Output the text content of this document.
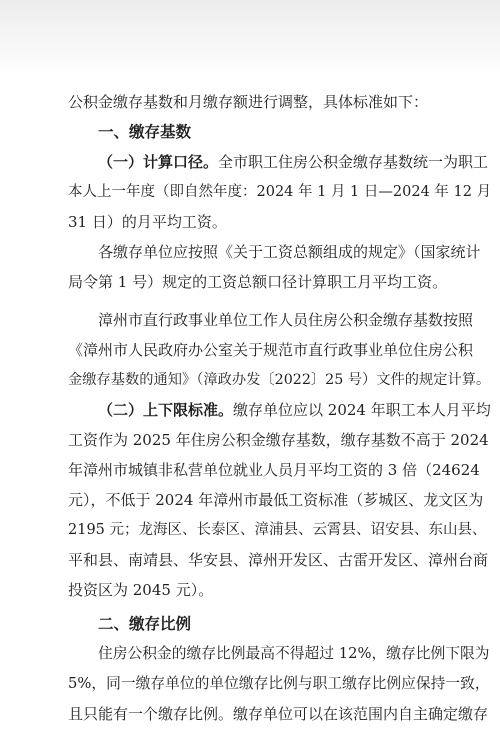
公积金缴存基数和月缴存额进行调整，具体标准如下：
一、缴存基数
（一）计算口径。全市职工住房公积金缴存基数统一为职工
本人上一年度（即自然年度：2024 年 1 月 1 日—2024 年 12 月
31 日）的月平均工资。
各缴存单位应按照《关于工资总额组成的规定》（国家统计
局令第 1 号）规定的工资总额口径计算职工月平均工资。
漳州市直行政事业单位工作人员住房公积金缴存基数按照
《漳州市人民政府办公室关于规范市直行政事业单位住房公积
金缴存基数的通知》（漳政办发〔2022〕25 号）文件的规定计算。
（二）上下限标准。缴存单位应以 2024 年职工本人月平均
工资作为 2025 年住房公积金缴存基数，缴存基数不高于 2024
年漳州市城镇非私营单位就业人员月平均工资的 3 倍（24624
元），不低于 2024 年漳州市最低工资标准（芗城区、龙文区为
2195 元；龙海区、长泰区、漳浦县、云霄县、诏安县、东山县、
平和县、南靖县、华安县、漳州开发区、古雷开发区、漳州台商
投资区为 2045 元）。
二、缴存比例
住房公积金的缴存比例最高不得超过 12%，缴存比例下限为
5%，同一缴存单位的单位缴存比例与职工缴存比例应保持一致，
且只能有一个缴存比例。缴存单位可以在该范围内自主确定缴存
